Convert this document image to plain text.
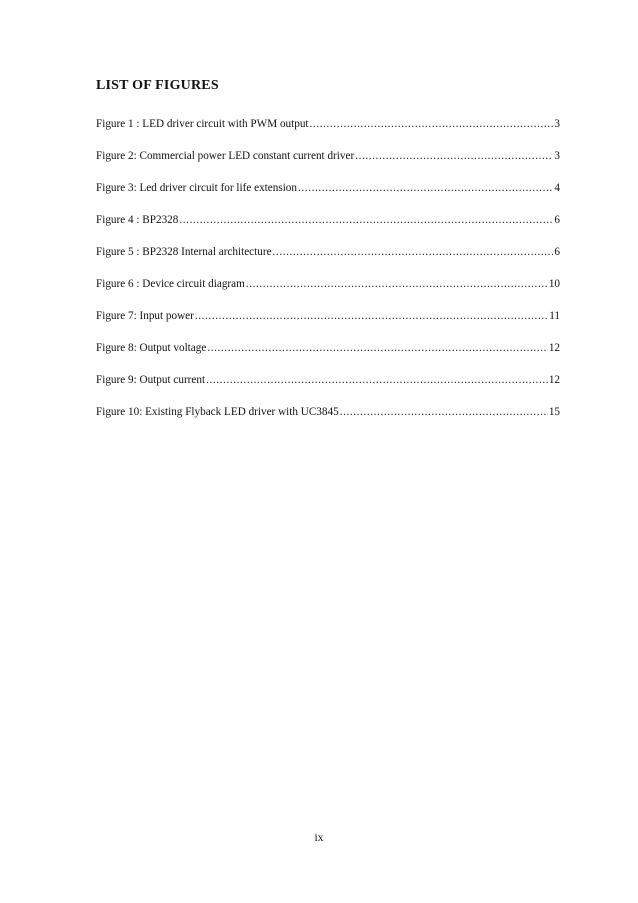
LIST OF FIGURES
Figure 1 : LED driver circuit with PWM output .....	3
Figure 2: Commercial power LED constant current driver .....	3
Figure 3: Led driver circuit for life extension .....	4
Figure 4 : BP2328 .....	6
Figure 5 : BP2328 Internal architecture .....	6
Figure 6 : Device circuit diagram .....	10
Figure 7: Input power .....	11
Figure 8: Output voltage .....	12
Figure 9: Output current .....	12
Figure 10: Existing Flyback LED driver with UC3845 .....	15
ix
